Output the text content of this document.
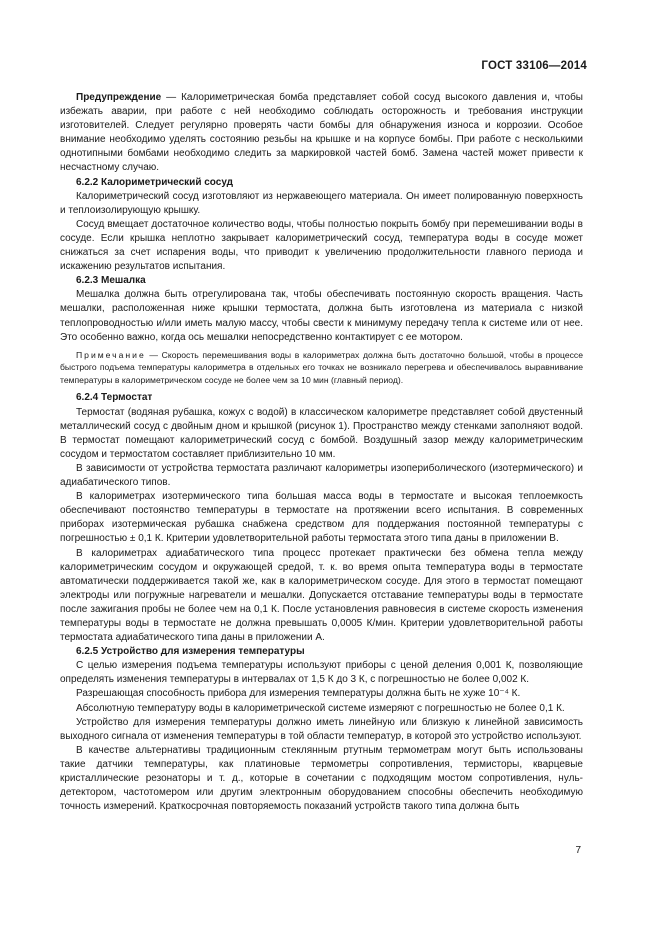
ГОСТ 33106—2014

Предупреждение — Калориметрическая бомба представляет собой сосуд высокого давления и, чтобы избежать аварии, при работе с ней необходимо соблюдать осторожность и требования инструкции изготовителей. Следует регулярно проверять части бомбы для обнаружения износа и коррозии. Особое внимание необходимо уделять состоянию резьбы на крышке и на корпусе бомбы. При работе с несколькими однотипными бомбами необходимо следить за маркировкой частей бомб. Замена частей может привести к несчастному случаю.

6.2.2 Калориметрический сосуд

Калориметрический сосуд изготовляют из нержавеющего материала. Он имеет полированную поверхность и теплоизолирующую крышку.

Сосуд вмещает достаточное количество воды, чтобы полностью покрыть бомбу при перемешивании воды в сосуде. Если крышка неплотно закрывает калориметрический сосуд, температура воды в сосуде может снижаться за счет испарения воды, что приводит к увеличению продолжительности главного периода и искажению результатов испытания.

6.2.3 Мешалка

Мешалка должна быть отрегулирована так, чтобы обеспечивать постоянную скорость вращения. Часть мешалки, расположенная ниже крышки термостата, должна быть изготовлена из материала с низкой теплопроводностью и/или иметь малую массу, чтобы свести к минимуму передачу тепла к системе или от нее. Это особенно важно, когда ось мешалки непосредственно контактирует с ее мотором.

Примечание — Скорость перемешивания воды в калориметрах должна быть достаточно большой, чтобы в процессе быстрого подъема температуры калориметра в отдельных его точках не возникало перегрева и обеспечивалось выравнивание температуры в калориметрическом сосуде не более чем за 10 мин (главный период).

6.2.4 Термостат

Термостат (водяная рубашка, кожух с водой) в классическом калориметре представляет собой двустенный металлический сосуд с двойным дном и крышкой (рисунок 1). Пространство между стенками заполняют водой. В термостат помещают калориметрический сосуд с бомбой. Воздушный зазор между калориметрическим сосудом и термостатом составляет приблизительно 10 мм.

В зависимости от устройства термостата различают калориметры изопериболического (изотермического) и адиабатического типов.

В калориметрах изотермического типа большая масса воды в термостате и высокая теплоемкость обеспечивают постоянство температуры в термостате на протяжении всего испытания. В современных приборах изотермическая рубашка снабжена средством для поддержания постоянной температуры с погрешностью ± 0,1 К. Критерии удовлетворительной работы термостата этого типа даны в приложении В.

В калориметрах адиабатического типа процесс протекает практически без обмена тепла между калориметрическим сосудом и окружающей средой, т. к. во время опыта температура воды в термостате автоматически поддерживается такой же, как в калориметрическом сосуде. Для этого в термостат помещают электроды или погружные нагреватели и мешалки. Допускается отставание температуры воды в термостате после зажигания пробы не более чем на 0,1 К. После установления равновесия в системе скорость изменения температуры воды в термостате не должна превышать 0,0005 К/мин. Критерии удовлетворительной работы термостата адиабатического типа даны в приложении А.

6.2.5 Устройство для измерения температуры

С целью измерения подъема температуры используют приборы с ценой деления 0,001 К, позволяющие определять изменения температуры в интервалах от 1,5 К до 3 К, с погрешностью не более 0,002 К.

Разрешающая способность прибора для измерения температуры должна быть не хуже 10⁻⁴ К.

Абсолютную температуру воды в калориметрической системе измеряют с погрешностью не более 0,1 К.

Устройство для измерения температуры должно иметь линейную или близкую к линейной зависимость выходного сигнала от изменения температуры в той области температур, в которой это устройство используют.

В качестве альтернативы традиционным стеклянным ртутным термометрам могут быть использованы такие датчики температуры, как платиновые термометры сопротивления, термисторы, кварцевые кристаллические резонаторы и т. д., которые в сочетании с подходящим мостом сопротивления, нуль-детектором, частотомером или другим электронным оборудованием способны обеспечить необходимую точность измерений. Краткосрочная повторяемость показаний устройств такого типа должна быть

7
